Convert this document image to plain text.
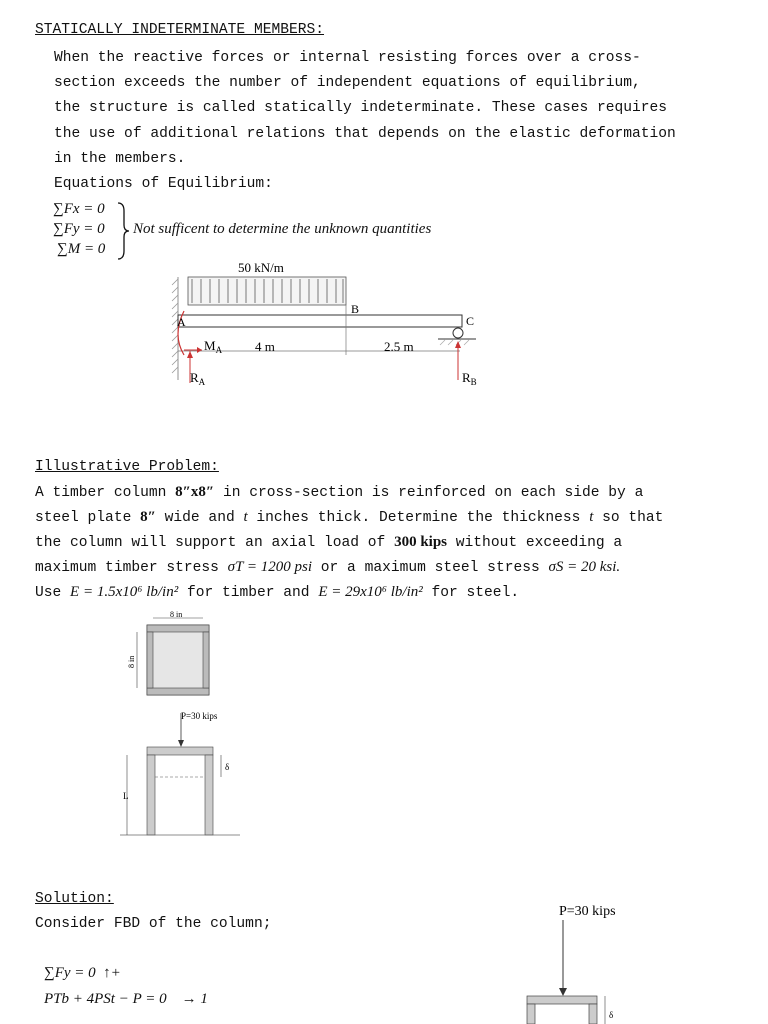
STATICALLY INDETERMINATE MEMBERS:
When the reactive forces or internal resisting forces over a cross-
section exceeds the number of independent equations of equilibrium,
the structure is called statically indeterminate. These cases requires
the use of additional relations that depends on the elastic deformation
in the members.
Equations of Equilibrium:
∑Fx = 0
∑Fy = 0
∑M = 0
Not sufficent to determine the unknown quantities
50 kN/m
A
B
C
$M_A$	4 m	2.5 m
$R_A$	$R_B$
Illustrative Problem:
A timber column 8″x8″ in cross-section is reinforced on each side by a
steel plate 8″ wide and t inches thick. Determine the thickness t so that
the column will support an axial load of 300 kips without exceeding a
maximum timber stress σT = 1200 psi or a maximum steel stress σS = 20 ksi.
Use E = 1.5x10⁶ lb/in² for timber and E = 29x10⁶ lb/in² for steel.
8 in
8 in
P=30 kips
L
δ
Solution:
Consider FBD of the column;
∑Fy = 0  ↑+
PTb + 4PSt − P = 0    → 1
P=30 kips
δ
